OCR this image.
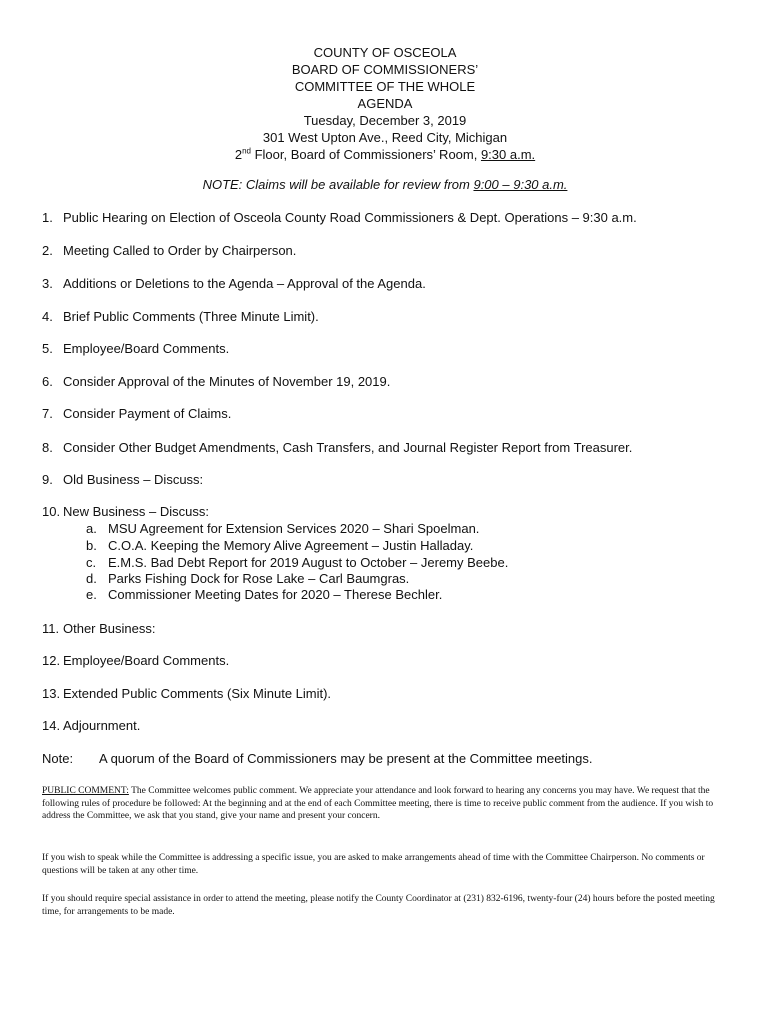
COUNTY OF OSCEOLA
BOARD OF COMMISSIONERS’
COMMITTEE OF THE WHOLE
AGENDA
Tuesday, December 3, 2019
301 West Upton Ave., Reed City, Michigan
2nd Floor, Board of Commissioners’ Room, 9:30 a.m.
NOTE: Claims will be available for review from 9:00 – 9:30 a.m.
1. Public Hearing on Election of Osceola County Road Commissioners & Dept. Operations – 9:30 a.m.
2. Meeting Called to Order by Chairperson.
3. Additions or Deletions to the Agenda – Approval of the Agenda.
4. Brief Public Comments (Three Minute Limit).
5. Employee/Board Comments.
6. Consider Approval of the Minutes of November 19, 2019.
7. Consider Payment of Claims.
8. Consider Other Budget Amendments, Cash Transfers, and Journal Register Report from Treasurer.
9. Old Business – Discuss:
10. New Business – Discuss:
a. MSU Agreement for Extension Services 2020 – Shari Spoelman.
b. C.O.A. Keeping the Memory Alive Agreement – Justin Halladay.
c. E.M.S. Bad Debt Report for 2019 August to October – Jeremy Beebe.
d. Parks Fishing Dock for Rose Lake – Carl Baumgras.
e. Commissioner Meeting Dates for 2020 – Therese Bechler.
11. Other Business:
12. Employee/Board Comments.
13. Extended Public Comments (Six Minute Limit).
14. Adjournment.
Note: A quorum of the Board of Commissioners may be present at the Committee meetings.
PUBLIC COMMENT: The Committee welcomes public comment. We appreciate your attendance and look forward to hearing any concerns you may have. We request that the following rules of procedure be followed: At the beginning and at the end of each Committee meeting, there is time to receive public comment from the audience. If you wish to address the Committee, we ask that you stand, give your name and present your concern.
If you wish to speak while the Committee is addressing a specific issue, you are asked to make arrangements ahead of time with the Committee Chairperson. No comments or questions will be taken at any other time.
If you should require special assistance in order to attend the meeting, please notify the County Coordinator at (231) 832-6196, twenty-four (24) hours before the posted meeting time, for arrangements to be made.
